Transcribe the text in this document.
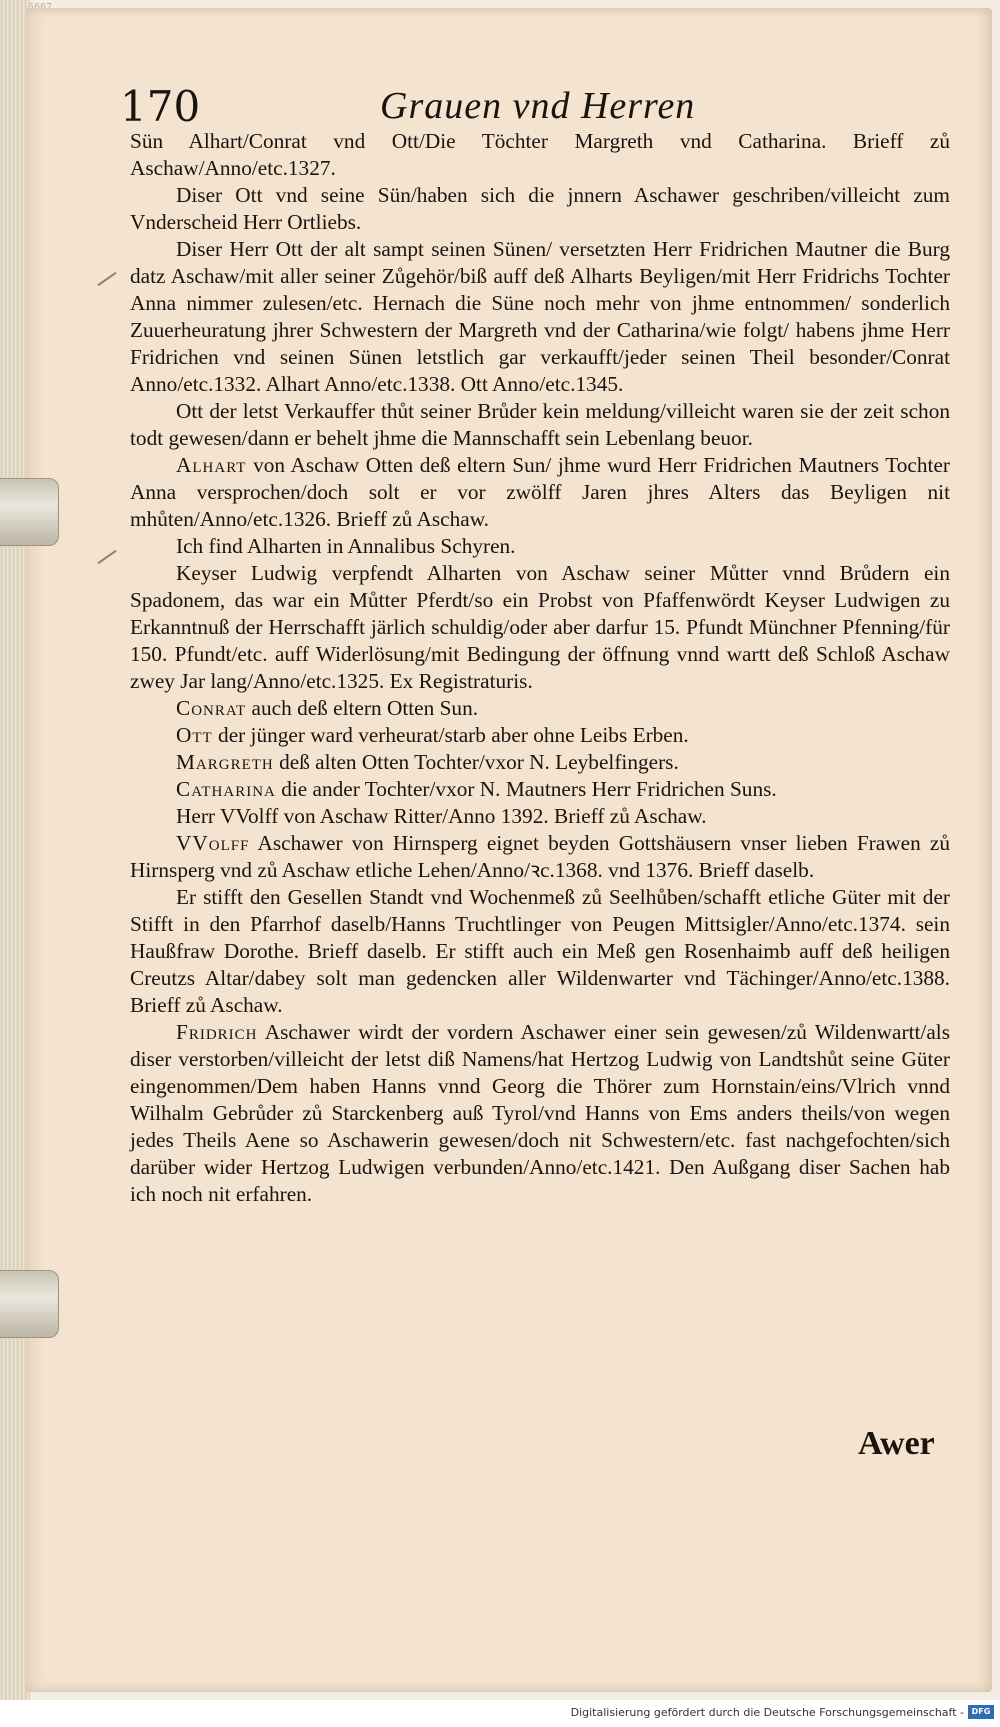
170	Grauen vnd Herren

Sün Alhart/Conrat vnd Ott/Die Töchter Margreth vnd Catharina. Brieff zů Aschaw/Anno/etc.1327.

Diser Ott vnd seine Sün/haben sich die jnnern Aschawer geschriben/villeicht zum Vnderscheid Herr Ortliebs.

Diser Herr Ott der alt sampt seinen Sünen/ versetzten Herr Fridrichen Mautner die Burg datz Aschaw/mit aller seiner Zůgehör/biß auff deß Alharts Beyligen/mit Herr Fridrichs Tochter Anna nimmer zulesen/etc. Hernach die Süne noch mehr von jhme entnommen/ sonderlich Zuuerheuratung jhrer Schwestern der Margreth vnd der Catharina/wie folgt/ habens jhme Herr Fridrichen vnd seinen Sünen letstlich gar verkaufft/jeder seinen Theil besonder/Conrat Anno/etc.1332. Alhart Anno/etc.1338. Ott Anno/etc.1345.

Ott der letst Verkauffer thůt seiner Brůder kein meldung/villeicht waren sie der zeit schon todt gewesen/dann er behelt jhme die Mannschafft sein Lebenlang beuor.

Alhart von Aschaw Otten deß eltern Sun/ jhme wurd Herr Fridrichen Mautners Tochter Anna versprochen/doch solt er vor zwölff Jaren jhres Alters das Beyligen nit mhůten/Anno/etc.1326. Brieff zů Aschaw.

Ich find Alharten in Annalibus Schyren.

Keyser Ludwig verpfendt Alharten von Aschaw seiner Můtter vnnd Brůdern ein Spadonem, das war ein Můtter Pferdt/so ein Probst von Pfaffenwördt Keyser Ludwigen zu Erkanntnuß der Herrschafft järlich schuldig/oder aber darfur 15. Pfundt Münchner Pfenning/für 150. Pfundt/etc. auff Widerlösung/mit Bedingung der öffnung vnnd wartt deß Schloß Aschaw zwey Jar lang/Anno/etc.1325. Ex Registraturis.

Conrat auch deß eltern Otten Sun.

Ott der jünger ward verheurat/starb aber ohne Leibs Erben.

Margreth deß alten Otten Tochter/vxor N. Leybelfingers.

Catharina die ander Tochter/vxor N. Mautners Herr Fridrichen Suns.

Herr VVolff von Aschaw Ritter/Anno 1392. Brieff zů Aschaw.

VVolff Aschawer von Hirnsperg eignet beyden Gottshäusern vnser lieben Frawen zů Hirnsperg vnd zů Aschaw etliche Lehen/Anno/ꝛc.1368. vnd 1376. Brieff daselb.

Er stifft den Gesellen Standt vnd Wochenmeß zů Seelhůben/schafft etliche Güter mit der Stifft in den Pfarrhof daselb/Hanns Truchtlinger von Peugen Mittsigler/Anno/etc.1374. sein Haußfraw Dorothe. Brieff daselb. Er stifft auch ein Meß gen Rosenhaimb auff deß heiligen Creutzs Altar/dabey solt man gedencken aller Wildenwarter vnd Tächinger/Anno/etc.1388. Brieff zů Aschaw.

Fridrich Aschawer wirdt der vordern Aschawer einer sein gewesen/zů Wildenwartt/als diser verstorben/villeicht der letst diß Namens/hat Hertzog Ludwig von Landtshůt seine Güter eingenommen/Dem haben Hanns vnnd Georg die Thörer zum Hornstain/eins/Vlrich vnnd Wilhalm Gebrůder zů Starckenberg auß Tyrol/vnd Hanns von Ems anders theils/von wegen jedes Theils Aene so Aschawerin gewesen/doch nit Schwestern/etc. fast nachgefochten/sich darüber wider Hertzog Ludwigen verbunden/Anno/etc.1421. Den Außgang diser Sachen hab ich noch nit erfahren.

Awer
Digitalisierung gefördert durch die Deutsche Forschungsgemeinschaft - DFG
